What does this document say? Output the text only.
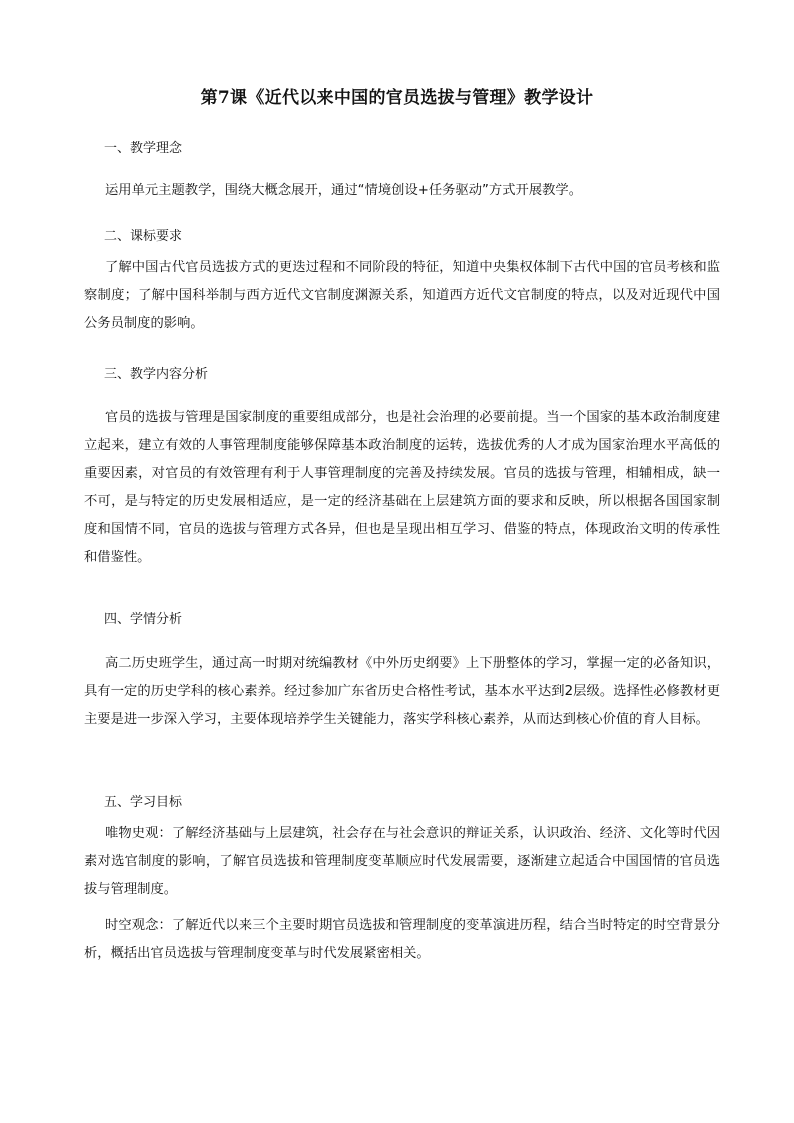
第7课《近代以来中国的官员选拔与管理》教学设计
一、教学理念
运用单元主题教学，围绕大概念展开，通过“情境创设+任务驱动”方式开展教学。
二、课标要求
了解中国古代官员选拔方式的更迭过程和不同阶段的特征，知道中央集权体制下古代中国的官员考核和监察制度；了解中国科举制与西方近代文官制度渊源关系，知道西方近代文官制度的特点，以及对近现代中国公务员制度的影响。
三、教学内容分析
官员的选拔与管理是国家制度的重要组成部分，也是社会治理的必要前提。当一个国家的基本政治制度建立起来，建立有效的人事管理制度能够保障基本政治制度的运转，选拔优秀的人才成为国家治理水平高低的重要因素，对官员的有效管理有利于人事管理制度的完善及持续发展。官员的选拔与管理，相辅相成，缺一不可，是与特定的历史发展相适应，是一定的经济基础在上层建筑方面的要求和反映，所以根据各国国家制度和国情不同，官员的选拔与管理方式各异，但也是呈现出相互学习、借鉴的特点，体现政治文明的传承性和借鉴性。
四、学情分析
高二历史班学生，通过高一时期对统编教材《中外历史纲要》上下册整体的学习，掌握一定的必备知识，具有一定的历史学科的核心素养。经过参加广东省历史合格性考试，基本水平达到2层级。选择性必修教材更主要是进一步深入学习，主要体现培养学生关键能力，落实学科核心素养，从而达到核心价值的育人目标。
五、学习目标
唯物史观：了解经济基础与上层建筑，社会存在与社会意识的辩证关系，认识政治、经济、文化等时代因素对选官制度的影响，了解官员选拔和管理制度变革顺应时代发展需要，逐渐建立起适合中国国情的官员选拔与管理制度。
时空观念：了解近代以来三个主要时期官员选拔和管理制度的变革演进历程，结合当时特定的时空背景分析，概括出官员选拔与管理制度变革与时代发展紧密相关。
